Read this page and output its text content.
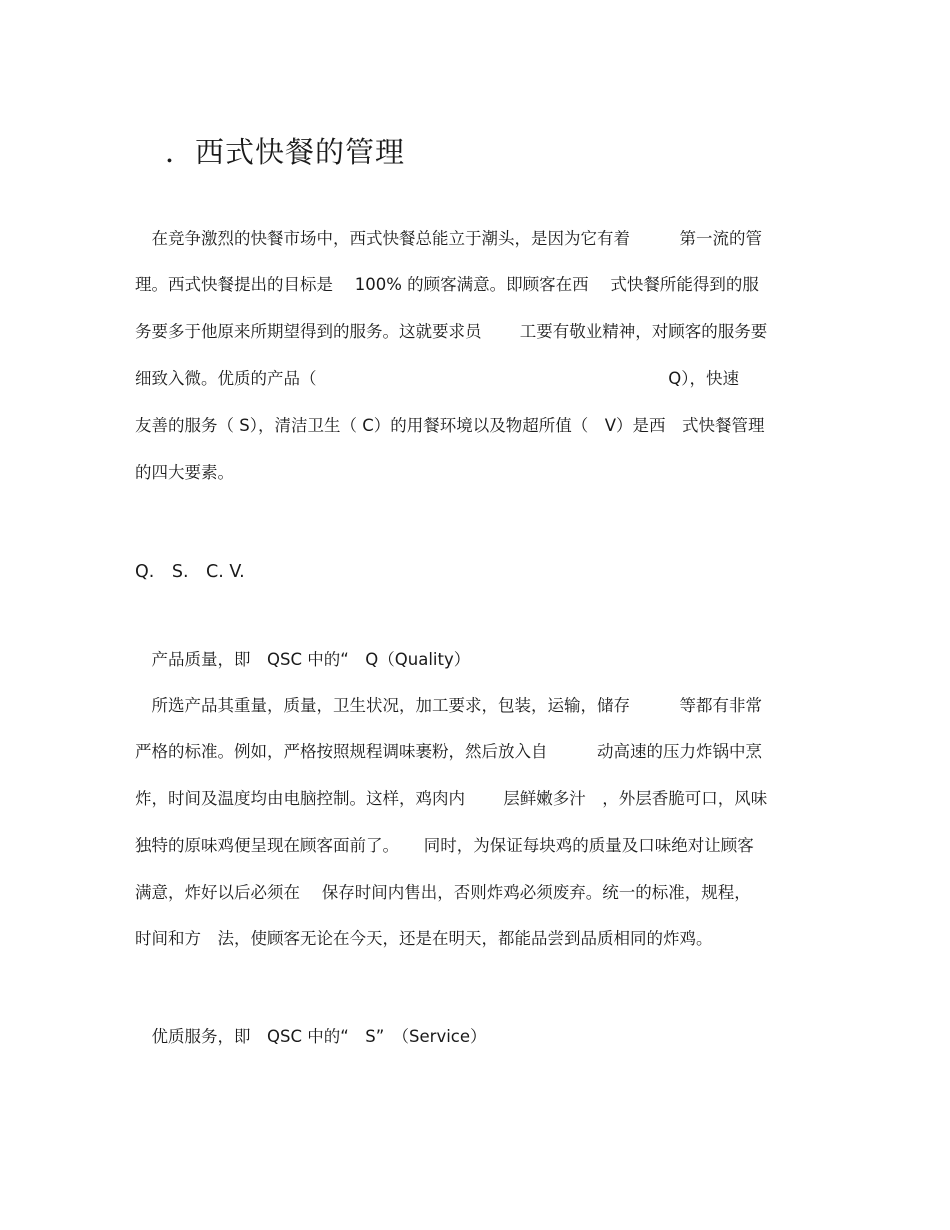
．西式快餐的管理
　在竞争激烈的快餐市场中，西式快餐总能立于潮头，是因为它有着　　　第一流的管
理。西式快餐提出的目标是　 100% 的顾客满意。即顾客在西　 式快餐所能得到的服
务要多于他原来所期望得到的服务。这就要求员　　 工要有敬业精神，对顾客的服务要
细致入微。优质的产品（　　　　　　　　　　　　　　　　　　　　　 Q），快速
友善的服务（ S），清洁卫生（ C）的用餐环境以及物超所值（　V）是西　式快餐管理
的四大要素。
Q.　S.　C. V.
　产品质量，即　QSC 中的“　Q（Quality）
　所选产品其重量，质量，卫生状况，加工要求，包装，运输，储存　　　等都有非常
严格的标准。例如，严格按照规程调味裹粉，然后放入自　　　动高速的压力炸锅中烹
炸，时间及温度均由电脑控制。这样，鸡肉内　　 层鲜嫩多汁　，外层香脆可口，风味
独特的原味鸡便呈现在顾客面前了。　　同时，为保证每块鸡的质量及口味绝对让顾客
满意，炸好以后必须在　 保存时间内售出，否则炸鸡必须废弃。统一的标准，规程，
时间和方　法，使顾客无论在今天，还是在明天，都能品尝到品质相同的炸鸡。
　优质服务，即　QSC 中的“　S”　（Service）
